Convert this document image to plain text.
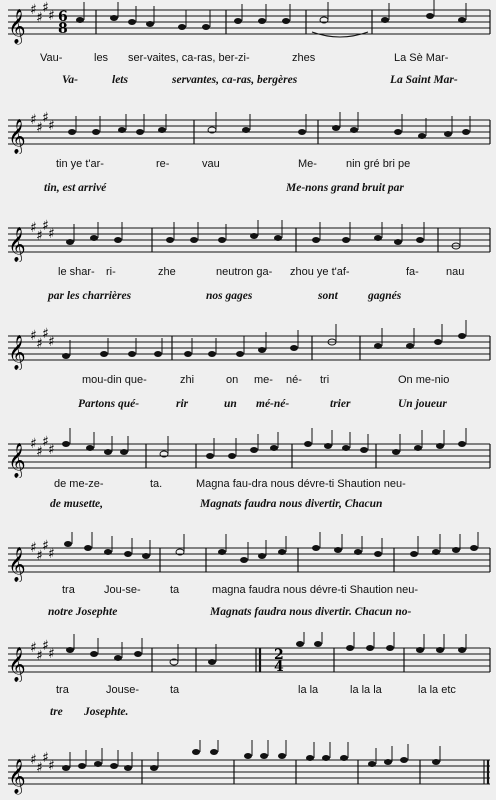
𝄞 ♯ ♯
♯ ♯ 6
8
Vau-	les ser-vaites, ca-ras, ber-zi-	zhes	La Sè Mar-
Va-	lets	servantes, ca-ras, bergères	La Saint Mar-
𝄞 ♯ ♯
♯ ♯
tin ye t'ar-	re-	vau	Me-	nin gré bri pe
tin, est arrivé	Me-nons grand bruit par
𝄞 ♯ ♯
♯ ♯
le shar- ri-	zhe	neutron ga- zhou ye t'af-	fa- nau
par les charrières	nos gages	sont	gagnés
𝄞 ♯ ♯
♯ ♯
mou-din que-	zhi	on me- né- tri	On me-nio
Partons qué-	rir	un mé-né-	trier	Un joueur
𝄞 ♯ ♯
♯ ♯
de me-ze-	ta.	Magna fau-dra nous dévre-ti Shaution neu-
de musette,	Magnats faudra nous divertir, Chacun
𝄞 ♯ ♯
♯ ♯
tra	Jou-se-	ta	magna faudra nous dévre-ti Shaution neu-
notre Josephte	Magnats faudra nous divertir. Chacun no-
𝄞 ♯ ♯
♯ ♯	2
4
tra	Jouse-	ta	la la	la la la	la la etc
tre Josephte.
𝄞 ♯ ♯
♯ ♯
